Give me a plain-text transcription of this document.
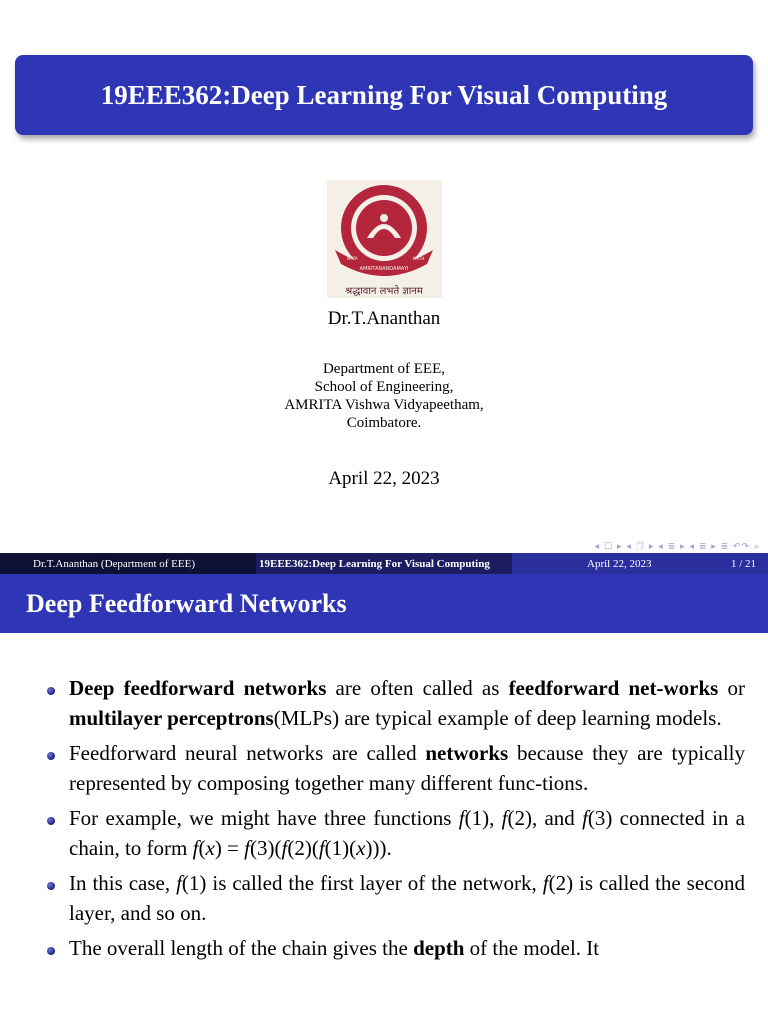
19EEE362:Deep Learning For Visual Computing
AMRITANANDAMAYI
MATA	MATH
श्रद्धावान लभते ज्ञानम
Dr.T.Ananthan
Department of EEE,
School of Engineering,
AMRITA Vishwa Vidyapeetham,
Coimbatore.
April 22, 2023
◂ ☐ ▸ ◂ 🗇 ▸ ◂ ≣ ▸ ◂ ≣ ▸ ≣ ↶↷ ⌕
Dr.T.Ananthan (Department of EEE)	19EEE362:Deep Learning For Visual Computing	April 22, 2023	1 / 21
Deep Feedforward Networks
Deep feedforward networks are often called as feedforward net-works or multilayer perceptrons(MLPs) are typical example of deep learning models.
Feedforward neural networks are called networks because they are typically represented by composing together many different func-tions.
For example, we might have three functions f(1), f(2), and f(3) connected in a chain, to form f(x) = f(3)(f(2)(f(1)(x))).
In this case, f(1) is called the first layer of the network, f(2) is called the second layer, and so on.
The overall length of the chain gives the depth of the model. It
